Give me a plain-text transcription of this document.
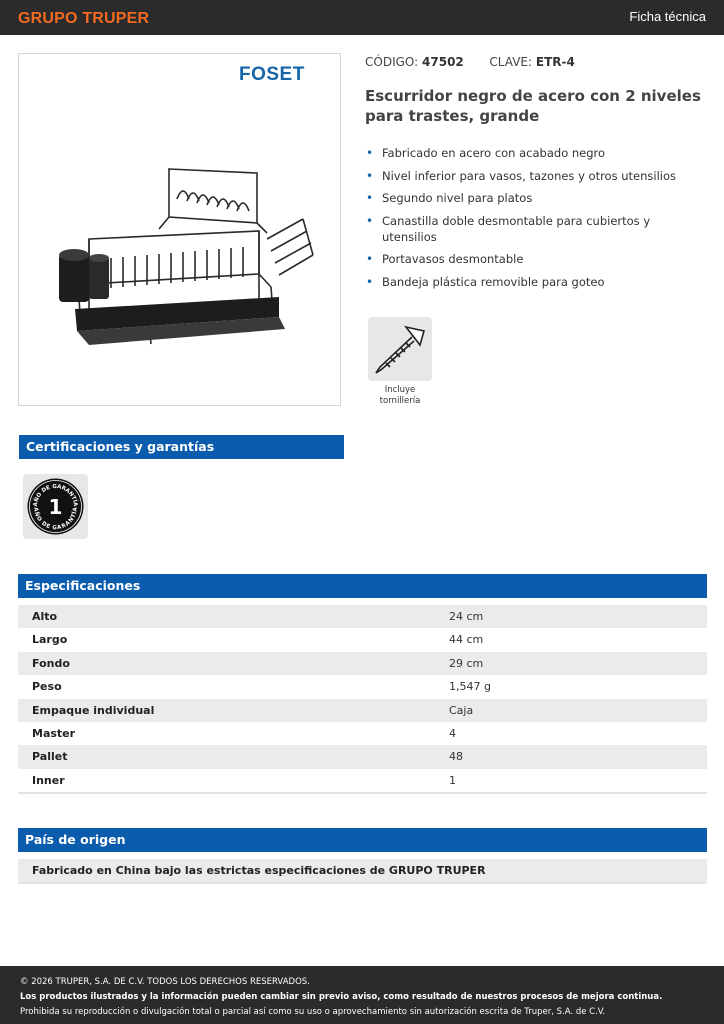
GRUPO TRUPER	Ficha técnica
FOSET
CÓDIGO: 47502 CLAVE: ETR-4
Escurridor negro de acero con 2 niveles para trastes, grande
• Fabricado en acero con acabado negro
• Nivel inferior para vasos, tazones y otros utensilios
• Segundo nivel para platos
• Canastilla doble desmontable para cubiertos y utensilios
• Portavasos desmontable
• Bandeja plástica removible para goteo
Incluye
tornillería
Certificaciones y garantías
AÑO DE GARANTÍA
AÑO DE GARANTÍA
1
Especificaciones
Alto	24 cm
Largo	44 cm
Fondo	29 cm
Peso	1,547 g
Empaque individual	Caja
Master	4
Pallet	48
Inner	1
País de origen
Fabricado en China bajo las estrictas especificaciones de GRUPO TRUPER
© 2026 TRUPER, S.A. DE C.V. TODOS LOS DERECHOS RESERVADOS.
Los productos ilustrados y la información pueden cambiar sin previo aviso, como resultado de nuestros procesos de mejora continua.
Prohibida su reproducción o divulgación total o parcial así como su uso o aprovechamiento sin autorización escrita de Truper, S.A. de C.V.
